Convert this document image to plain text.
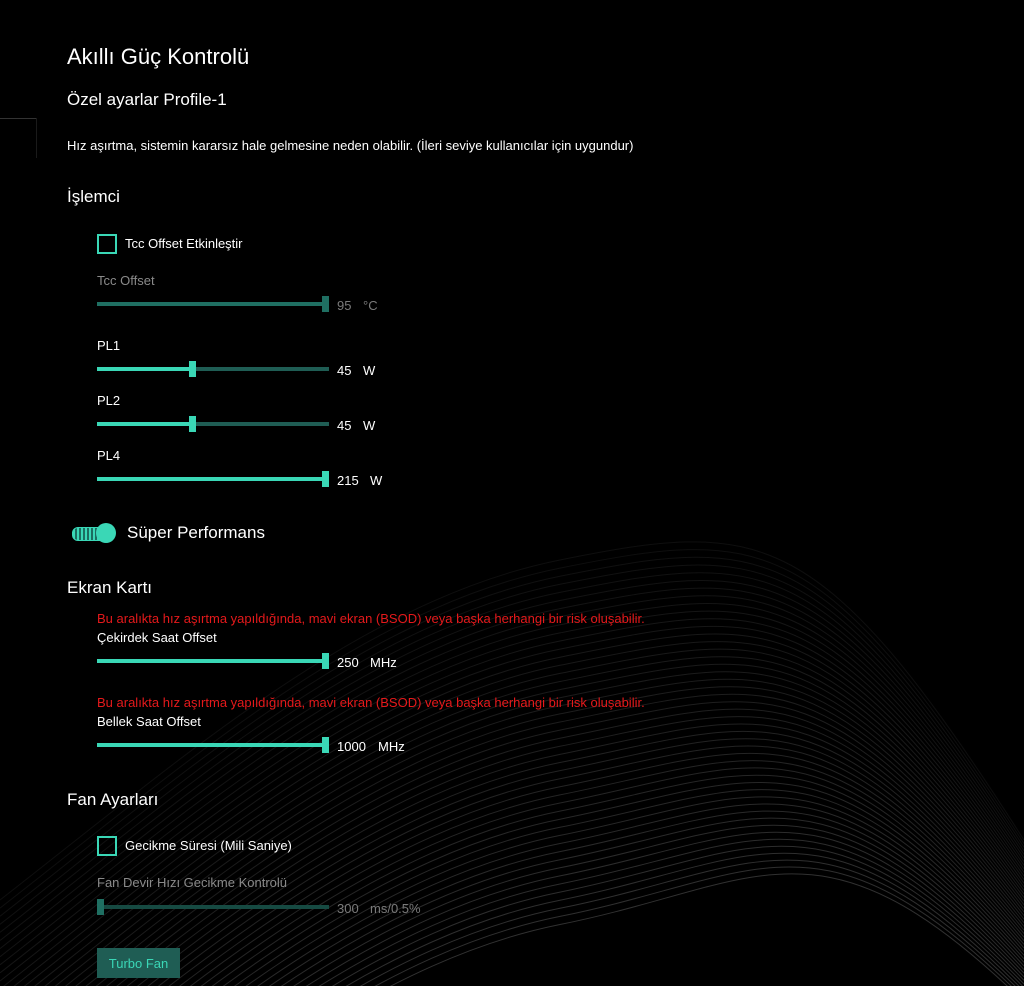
Akıllı Güç Kontrolü
Özel ayarlar Profile-1
Hız aşırtma, sistemin kararsız hale gelmesine neden olabilir. (İleri seviye kullanıcılar için uygundur)
İşlemci
Tcc Offset Etkinleştir
Tcc Offset
95 °C
PL1
45 W
PL2
45 W
PL4
215 W
Süper Performans
Ekran Kartı
Bu aralıkta hız aşırtma yapıldığında, mavi ekran (BSOD) veya başka herhangi bir risk oluşabilir.
Çekirdek Saat Offset
250 MHz
Bu aralıkta hız aşırtma yapıldığında, mavi ekran (BSOD) veya başka herhangi bir risk oluşabilir.
Bellek Saat Offset
1000 MHz
Fan Ayarları
Gecikme Süresi (Mili Saniye)
Fan Devir Hızı Gecikme Kontrolü
300 ms/0.5%
Turbo Fan
